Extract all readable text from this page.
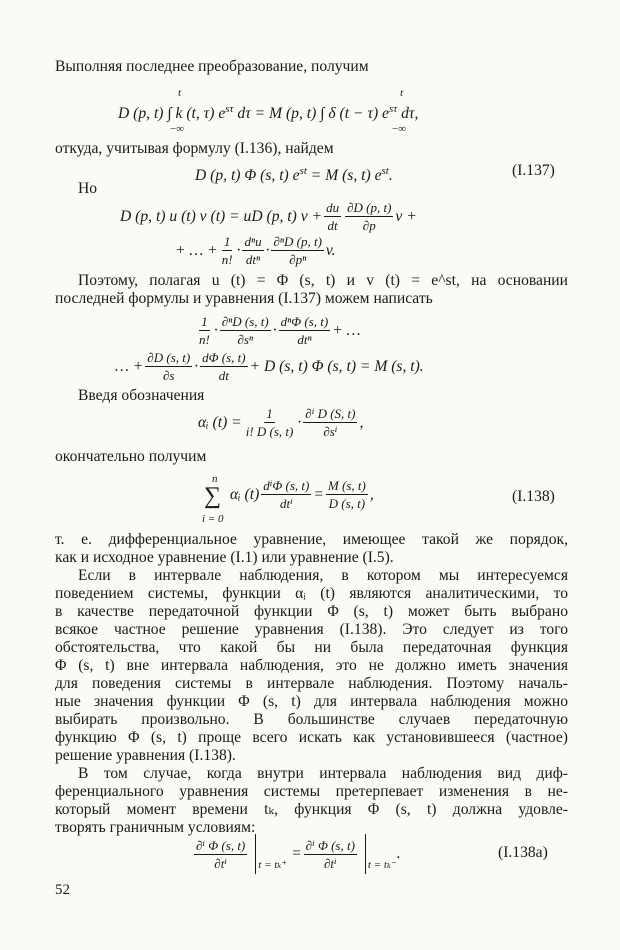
Выполняя последнее преобразование, получим
D (p, t) ∫ k (t, τ) $e^{s\tau}$ dτ = M (p, t) ∫ δ (t − τ) $e^{s\tau}$ dτ,
t
−∞
t
−∞
откуда, учитывая формулу (I.136), найдем
D (p, t) Φ (s, t) $e^{st} = M$ (s, t) $e^{st}$.	(I.137)
Но
D (p, t) u (t) v (t) = uD (p, t) $v + \frac{du}{dt} \frac{\partial D (p, t)}{\partial p}$ v +
+ … + $\frac{1}{n!} \cdot d^nu$
dtⁿ
· $\frac{\text{∂ⁿD (p, t)}}{\text{∂pⁿ}} v$.
Поэтому, полагая u (t) = Φ (s, t) и v (t) = e^st, на основании
последней формулы и уравнения (I.137) можем написать
$\frac{1}{n!} \cdot \frac{\text{∂ⁿD (s, t)}}{\text{∂sⁿ}} \cdot d^n\Phi$ (s, t)
dtⁿ
+ …
… + $\frac{\partial D (s, t)}{\partial s} \cdot \frac{d\Phi (s, t)}{dt} + D$ (s, t) Φ (s, t) = M (s, t).
Введя обозначения
αᵢ $(t) = \frac{1}{i! D (s, t)} \cdot \frac{\text{∂ⁱ D (S, t)}}{\text{∂sⁱ}}$ ,
окончательно получим
n
∑
i = 0
αᵢ (t) dⁱΦ (s, t)
dtⁱ
= $\frac{M (s, t)}{D (s, t)}$ ,	(I.138)
т. е. дифференциальное уравнение, имеющее такой же порядок,
как и исходное уравнение (I.1) или уравнение (I.5).
Если в интервале наблюдения, в котором мы интересуемся
поведением системы, функции αᵢ (t) являются аналитическими, то
в качестве передаточной функции Φ (s, t) может быть выбрано
всякое частное решение уравнения (I.138). Это следует из того
обстоятельства, что какой бы ни была передаточная функция
Φ (s, t) вне интервала наблюдения, это не должно иметь значения
для поведения системы в интервале наблюдения. Поэтому началь-
ные значения функции Φ (s, t) для интервала наблюдения можно
выбирать произвольно. В большинстве случаев передаточную
функцию Φ (s, t) проще всего искать как установившееся (частное)
решение уравнения (I.138).
В том случае, когда внутри интервала наблюдения вид диф-
ференциального уравнения системы претерпевает изменения в не-
который момент времени tₖ, функция Φ (s, t) должна удовле-
творять граничным условиям:
$\frac{\text{∂ⁱ Φ (s, t)}}{\text{∂tⁱ}}$ t = tₖ⁺
= $\frac{\text{∂ⁱ Φ (s, t)}}{\text{∂tⁱ}}$ t = tₖ⁻
.	(I.138a)
52
